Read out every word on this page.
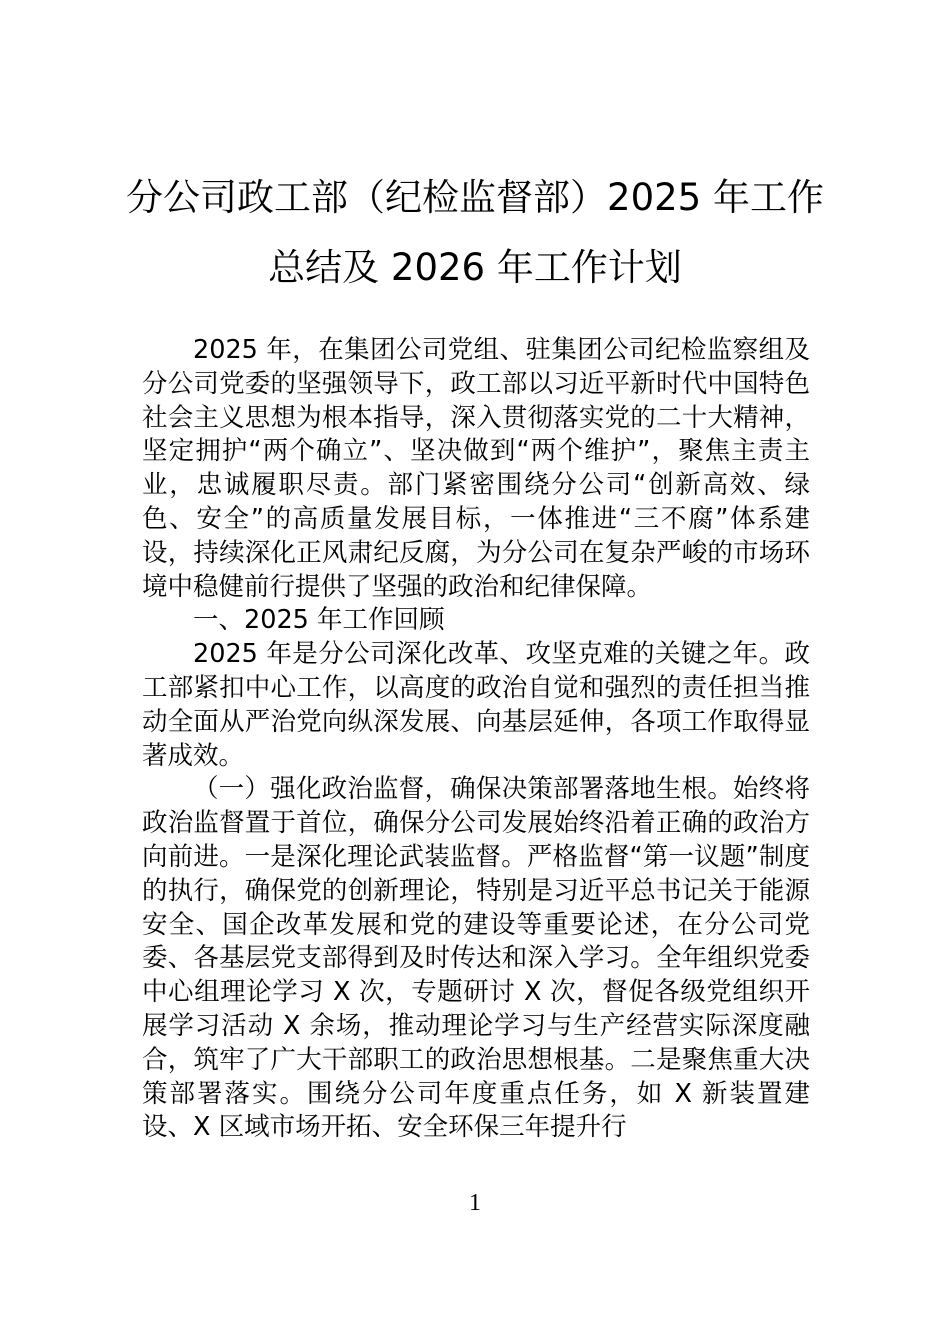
分公司政工部（纪检监督部）2025 年工作
总结及 2026 年工作计划

2025 年，在集团公司党组、驻集团公司纪检监察组及分公司党委的坚强领导下，政工部以习近平新时代中国特色社会主义思想为根本指导，深入贯彻落实党的二十大精神，坚定拥护“两个确立”、坚决做到“两个维护”，聚焦主责主业，忠诚履职尽责。部门紧密围绕分公司“创新高效、绿色、安全”的高质量发展目标，一体推进“三不腐”体系建设，持续深化正风肃纪反腐，为分公司在复杂严峻的市场环境中稳健前行提供了坚强的政治和纪律保障。

一、2025 年工作回顾

2025 年是分公司深化改革、攻坚克难的关键之年。政工部紧扣中心工作，以高度的政治自觉和强烈的责任担当推动全面从严治党向纵深发展、向基层延伸，各项工作取得显著成效。

（一）强化政治监督，确保决策部署落地生根。始终将政治监督置于首位，确保分公司发展始终沿着正确的政治方向前进。一是深化理论武装监督。严格监督“第一议题”制度的执行，确保党的创新理论，特别是习近平总书记关于能源安全、国企改革发展和党的建设等重要论述，在分公司党委、各基层党支部得到及时传达和深入学习。全年组织党委中心组理论学习 X 次，专题研讨 X 次，督促各级党组织开展学习活动 X 余场，推动理论学习与生产经营实际深度融合，筑牢了广大干部职工的政治思想根基。二是聚焦重大决策部署落实。围绕分公司年度重点任务，如 X 新装置建设、X 区域市场开拓、安全环保三年提升行

1
